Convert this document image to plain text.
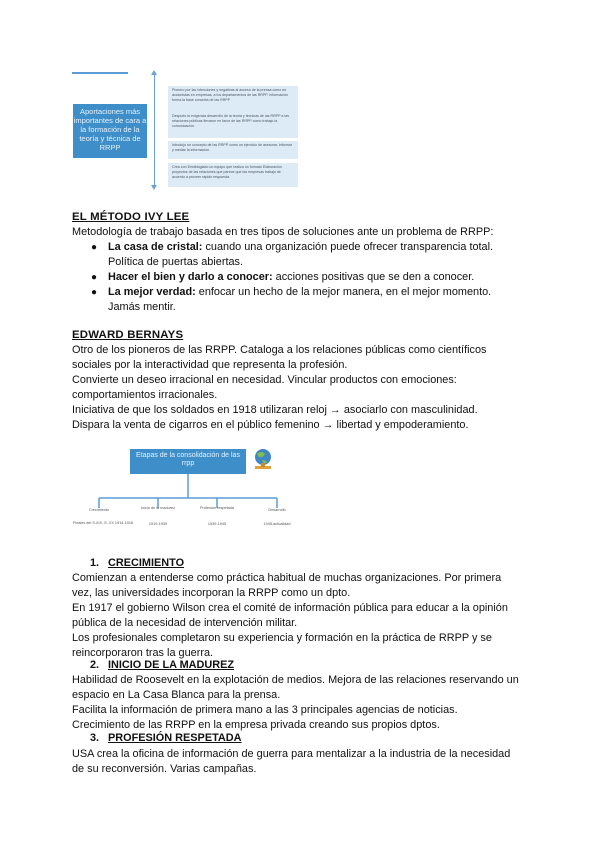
Aportaciones más importantes de cara a la formación de la teoría y técnica de RRPP
Pionero por las intenciones y negativas al acceso de la prensa como en accionistas en empresas, a los departamentos de las RRPP. Información forma la base concreta de las RRPP
Después la exigencia desarrollo de la teoría y técnicas de las RRPP a las relaciones públicas llevaron en favor de las RRPP como trabajo la comunicación.
Introdujo un concepto de las RRPP como un ejercicio de asesorar, informar y mediar la información.
Crea con Eestblogiado un equipo que realiza un formato Elaboración proyectos de las relaciones que parece que las empresas trabajo de acuerdo a proveer rápido respuesta.
EL MÉTODO IVY LEE
Metodología de trabajo basada en tres tipos de soluciones ante un problema de RRPP:
● La casa de cristal: cuando una organización puede ofrecer transparencia total.
Política de puertas abiertas.
● Hacer el bien y darlo a conocer: acciones positivas que se den a conocer.
● La mejor verdad: enfocar un hecho de la mejor manera, en el mejor momento.
Jamás mentir.
EDWARD BERNAYS
Otro de los pioneros de las RRPP. Cataloga a los relaciones públicas como científicos
sociales por la interactividad que representa la profesión.
Convierte un deseo irracional en necesidad. Vincular productos con emociones:
comportamientos irracionales.
Iniciativa de que los soldados en 1918 utilizaran reloj → asociarlo con masculinidad.
Dispara la venta de cigarros en el público femenino → libertad y empoderamiento.
Etapas de la consolidación de las rrpp
Crecimiento	Inicio de la madurez	Profesión respetada	Desarrollo
Finales del S.XIX, S. XX 1914-1918	1919-1939	1939-1945	1945-actualidad
1. CRECIMIENTO
Comienzan a entenderse como práctica habitual de muchas organizaciones. Por primera
vez, las universidades incorporan la RRPP como un dpto.
En 1917 el gobierno Wilson crea el comité de información pública para educar a la opinión
pública de la necesidad de intervención militar.
Los profesionales completaron su experiencia y formación en la práctica de RRPP y se
reincorporaron tras la guerra.
2. INICIO DE LA MADUREZ
Habilidad de Roosevelt en la explotación de medios. Mejora de las relaciones reservando un
espacio en La Casa Blanca para la prensa.
Facilita la información de primera mano a las 3 principales agencias de noticias.
Crecimiento de las RRPP en la empresa privada creando sus propios dptos.
3. PROFESIÓN RESPETADA
USA crea la oficina de información de guerra para mentalizar a la industria de la necesidad
de su reconversión. Varias campañas.
